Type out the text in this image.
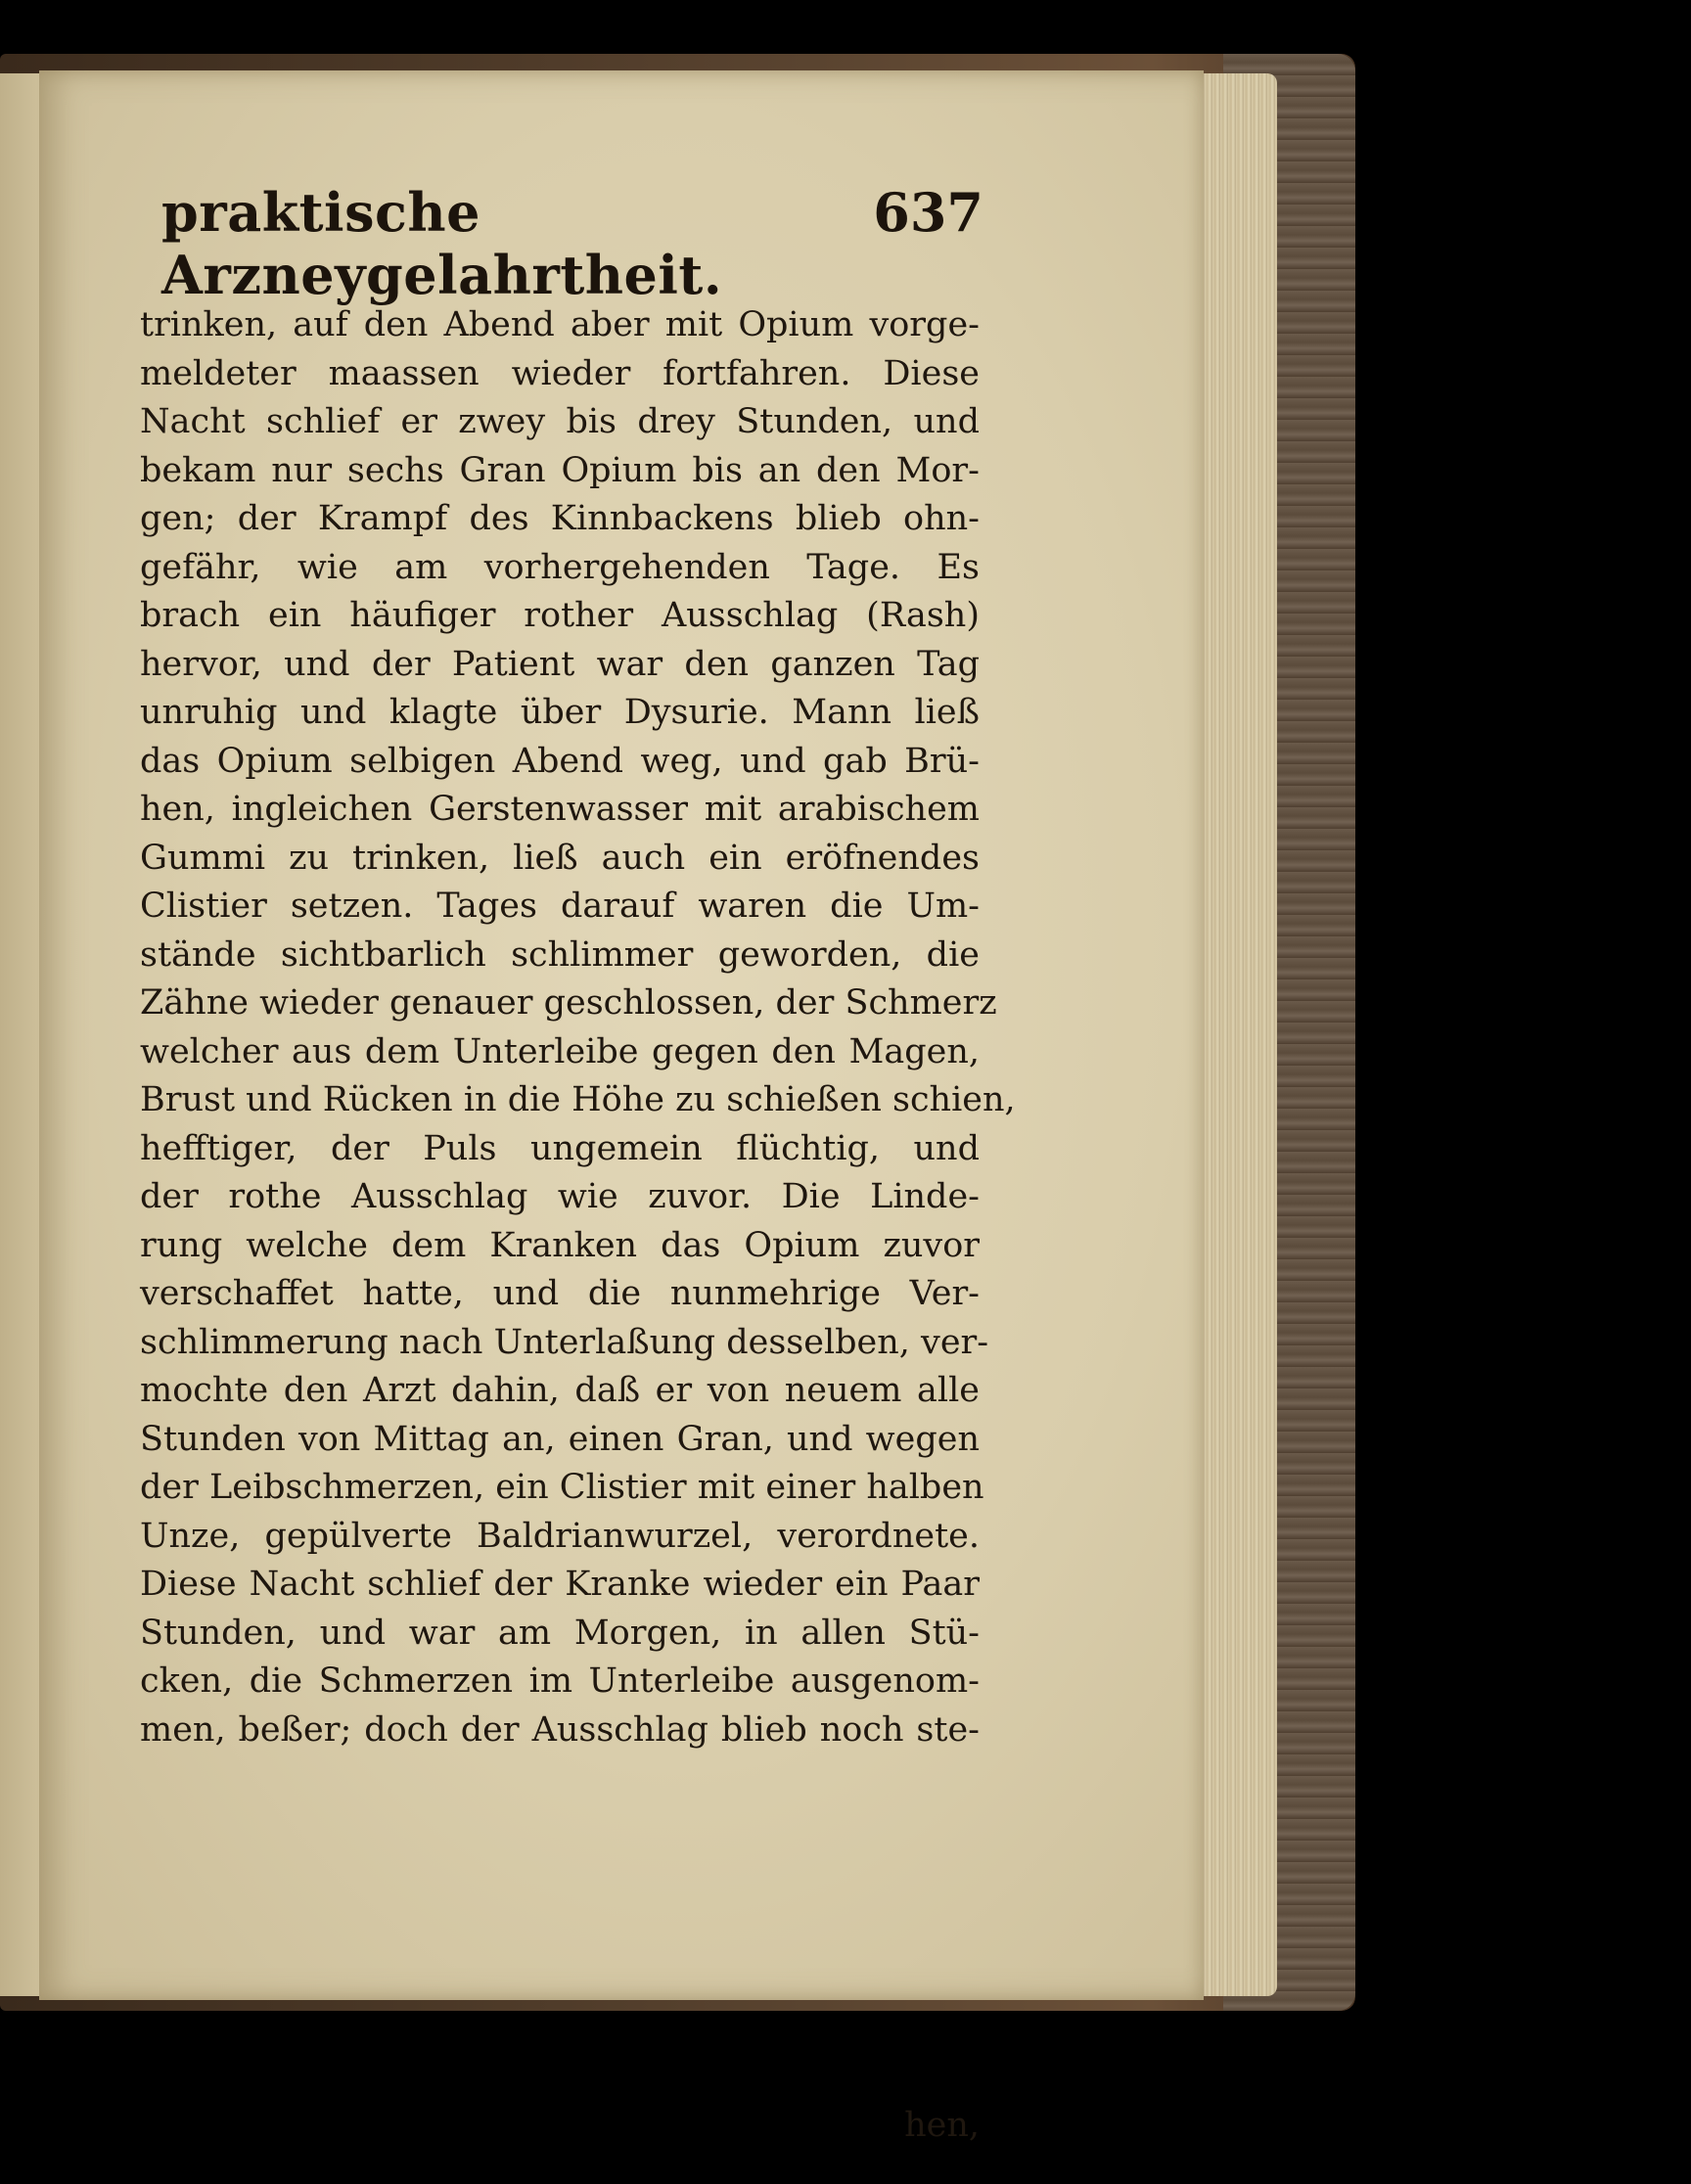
praktische Arzneygelahrtheit.
637
trinken, auf den Abend aber mit Opium vorge-
meldeter maassen wieder fortfahren. Diese
Nacht schlief er zwey bis drey Stunden, und
bekam nur sechs Gran Opium bis an den Mor-
gen; der Krampf des Kinnbackens blieb ohn-
gefähr, wie am vorhergehenden Tage. Es
brach ein häufiger rother Ausschlag (Rash)
hervor, und der Patient war den ganzen Tag
unruhig und klagte über Dysurie. Mann ließ
das Opium selbigen Abend weg, und gab Brü-
hen, ingleichen Gerstenwasser mit arabischem
Gummi zu trinken, ließ auch ein eröfnendes
Clistier setzen. Tages darauf waren die Um-
stände sichtbarlich schlimmer geworden, die
Zähne wieder genauer geschlossen, der Schmerz
welcher aus dem Unterleibe gegen den Magen,
Brust und Rücken in die Höhe zu schießen schien,
hefftiger, der Puls ungemein flüchtig, und
der rothe Ausschlag wie zuvor. Die Linde-
rung welche dem Kranken das Opium zuvor
verschaffet hatte, und die nunmehrige Ver-
schlimmerung nach Unterlaßung desselben, ver-
mochte den Arzt dahin, daß er von neuem alle
Stunden von Mittag an, einen Gran, und wegen
der Leibschmerzen, ein Clistier mit einer halben
Unze, gepülverte Baldrianwurzel, verordnete.
Diese Nacht schlief der Kranke wieder ein Paar
Stunden, und war am Morgen, in allen Stü-
cken, die Schmerzen im Unterleibe ausgenom-
men, beßer; doch der Ausschlag blieb noch ste-
hen,
